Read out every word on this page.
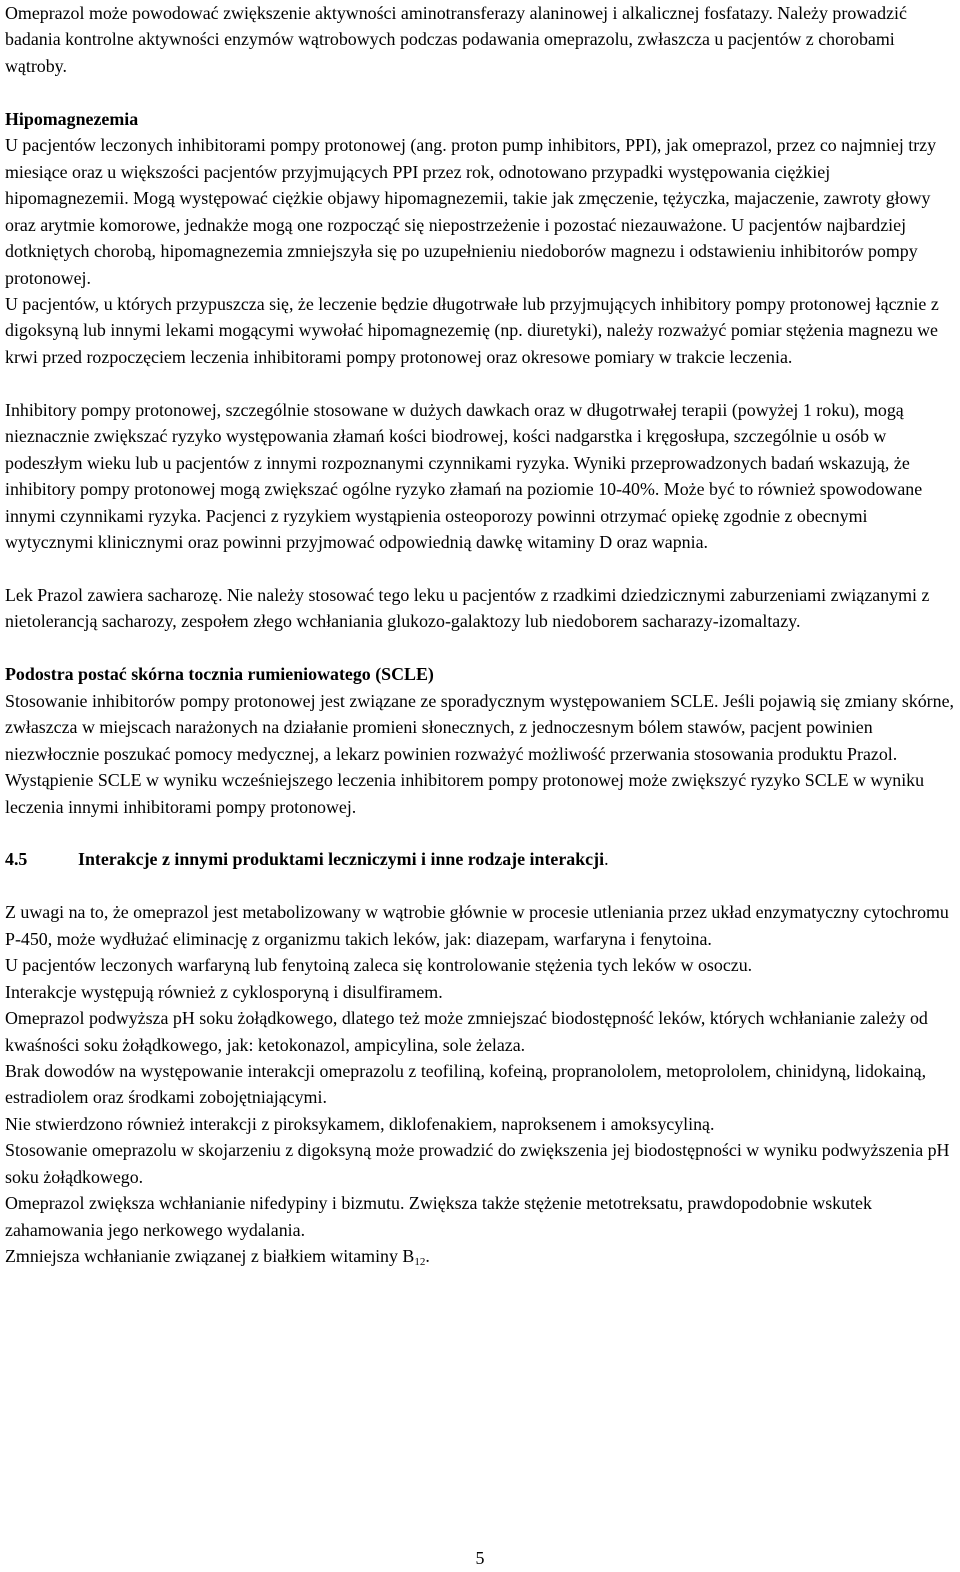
Omeprazol może powodować zwiększenie aktywności aminotransferazy alaninowej i alkalicznej fosfatazy. Należy prowadzić badania kontrolne aktywności enzymów wątrobowych podczas podawania omeprazolu, zwłaszcza u pacjentów z chorobami wątroby.

Hipomagnezemia

U pacjentów leczonych inhibitorami pompy protonowej (ang. proton pump inhibitors, PPI), jak omeprazol, przez co najmniej trzy miesiące oraz u większości pacjentów przyjmujących PPI przez rok, odnotowano przypadki występowania ciężkiej hipomagnezemii. Mogą występować ciężkie objawy hipomagnezemii, takie jak zmęczenie, tężyczka, majaczenie, zawroty głowy oraz arytmie komorowe, jednakże mogą one rozpocząć się niepostrzeżenie i pozostać niezauważone. U pacjentów najbardziej dotkniętych chorobą, hipomagnezemia zmniejszyła się po uzupełnieniu niedoborów magnezu i odstawieniu inhibitorów pompy protonowej.

U pacjentów, u których przypuszcza się, że leczenie będzie długotrwałe lub przyjmujących inhibitory pompy protonowej łącznie z digoksyną lub innymi lekami mogącymi wywołać hipomagnezemię (np. diuretyki), należy rozważyć pomiar stężenia magnezu we krwi przed rozpoczęciem leczenia inhibitorami pompy protonowej oraz okresowe pomiary w trakcie leczenia.

Inhibitory pompy protonowej, szczególnie stosowane w dużych dawkach oraz w długotrwałej terapii (powyżej 1 roku), mogą nieznacznie zwiększać ryzyko występowania złamań kości biodrowej, kości nadgarstka i kręgosłupa, szczególnie u osób w podeszłym wieku lub u pacjentów z innymi rozpoznanymi czynnikami ryzyka. Wyniki przeprowadzonych badań wskazują, że inhibitory pompy protonowej mogą zwiększać ogólne ryzyko złamań na poziomie 10-40%. Może być to również spowodowane innymi czynnikami ryzyka. Pacjenci z ryzykiem wystąpienia osteoporozy powinni otrzymać opiekę zgodnie z obecnymi wytycznymi klinicznymi oraz powinni przyjmować odpowiednią dawkę witaminy D oraz wapnia.

Lek Prazol zawiera sacharozę. Nie należy stosować tego leku u pacjentów z rzadkimi dziedzicznymi zaburzeniami związanymi z nietolerancją sacharozy, zespołem złego wchłaniania glukozo-galaktozy lub niedoborem sacharazy-izomaltazy.

Podostra postać skórna tocznia rumieniowatego (SCLE)

Stosowanie inhibitorów pompy protonowej jest związane ze sporadycznym występowaniem SCLE. Jeśli pojawią się zmiany skórne, zwłaszcza w miejscach narażonych na działanie promieni słonecznych, z jednoczesnym bólem stawów, pacjent powinien niezwłocznie poszukać pomocy medycznej, a lekarz powinien rozważyć możliwość przerwania stosowania produktu Prazol. Wystąpienie SCLE w wyniku wcześniejszego leczenia inhibitorem pompy protonowej może zwiększyć ryzyko SCLE w wyniku leczenia innymi inhibitorami pompy protonowej.

4.5	Interakcje z innymi produktami leczniczymi i inne rodzaje interakcji.

Z uwagi na to, że omeprazol jest metabolizowany w wątrobie głównie w procesie utleniania przez układ enzymatyczny cytochromu P-450, może wydłużać eliminację z organizmu takich leków, jak: diazepam, warfaryna i fenytoina.

U pacjentów leczonych warfaryną lub fenytoiną zaleca się kontrolowanie stężenia tych leków w osoczu.

Interakcje występują również z cyklosporyną i disulfiramem.

Omeprazol podwyższa pH soku żołądkowego, dlatego też może zmniejszać biodostępność leków, których wchłanianie zależy od kwaśności soku żołądkowego, jak: ketokonazol, ampicylina, sole żelaza.

Brak dowodów na występowanie interakcji omeprazolu z teofiliną, kofeiną, propranololem, metoprololem, chinidyną, lidokainą, estradiolem oraz środkami zobojętniającymi.

Nie stwierdzono również interakcji z piroksykamem, diklofenakiem, naproksenem i amoksycyliną.

Stosowanie omeprazolu w skojarzeniu z digoksyną może prowadzić do zwiększenia jej biodostępności w wyniku podwyższenia pH soku żołądkowego.

Omeprazol zwiększa wchłanianie nifedypiny i bizmutu. Zwiększa także stężenie metotreksatu, prawdopodobnie wskutek zahamowania jego nerkowego wydalania.

Zmniejsza wchłanianie związanej z białkiem witaminy $B_{12}$.

5
